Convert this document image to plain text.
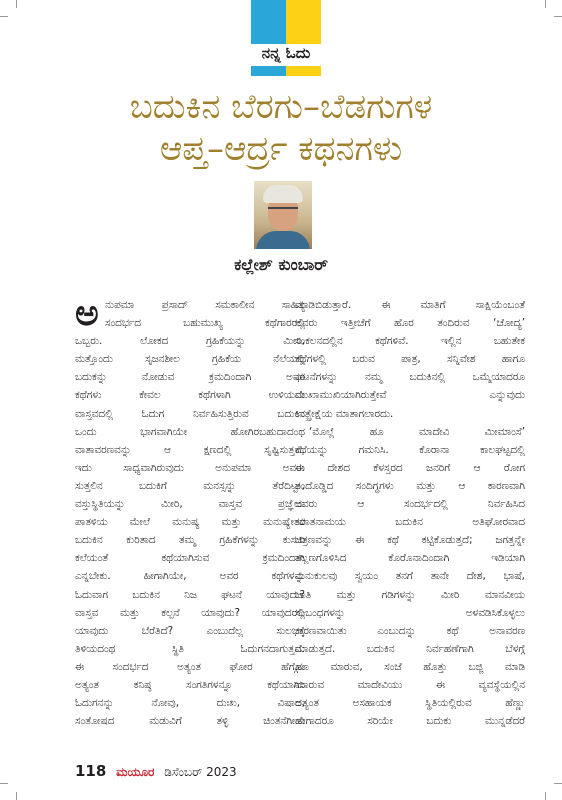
ನನ್ನ ಓದು
ಬದುಕಿನ ಬೆರಗು–ಬೆಡಗುಗಳ
ಆಪ್ತ–ಆರ್ದ್ರ ಕಥನಗಳು
ಕಲ್ಲೇಶ್ ಕುಂಬಾರ್
ಅ ನುಪಮಾ ಪ್ರಸಾದ್ ಸಮಕಾಲೀನ ಸಾಹಿತ್ಯ

ಸಂದರ್ಭದ ಬಹುಮುಖ್ಯ ಕಥೆಗಾರರಲ್ಲಿ

ಒಬ್ಬರು. ಲೋಕದ ಗ್ರಹಿಕೆಯನ್ನು ಮೀರಿ,

ಮತ್ತೊಂದು ಸೃಜನಶೀಲ ಗ್ರಹಿಕೆಯ ನೆಲೆಯಲ್ಲಿ

ಬದುಕನ್ನು ನೋಡುವ ಕ್ರಮದಿಂದಾಗಿ ಅವರ

ಕಥೆಗಳು ಕೇವಲ ಕಥೆಗಳಾಗಿ ಉಳಿಯದೇ

ವಾಸ್ತವದಲ್ಲಿ ಓದುಗ ನಿರ್ವಹಿಸುತ್ತಿರುವ ಬದುಕಿನ

ಒಂದು ಭಾಗವಾಗಿಯೇ ಹೋಗಿರಬಹುದಾದಂಥ

ವಾತಾವರಣವನ್ನು ಆ ಕ್ಷಣದಲ್ಲಿ ಸೃಷ್ಟಿಸುತ್ತವೆ.

ಇದು ಸಾಧ್ಯವಾಗಿರುವುದು ಅನುಪಮಾ ಅವರು

ಸುತ್ತಲಿನ ಬದುಕಿಗೆ ಮನಸ್ಸನ್ನು ತೆರೆದಿಟ್ಟು,

ವಸ್ತುಸ್ಥಿತಿಯನ್ನು ಮೀರಿ, ವಾಸ್ತವ ಪ್ರಜ್ಞೆಯ

ಪಾತಳಿಯ ಮೇಲೆ ಮನುಷ್ಯ ಮತ್ತು ಮನುಷ್ಯೇತರ

ಬದುಕಿನ ಕುರಿತಾದ ತಮ್ಮ ಗ್ರಹಿಕೆಗಳನ್ನು ಕುಸುರಿ

ಕಲೆಯಂತೆ ಕಥೆಯಾಗಿಸುವ ಕ್ರಮದಿಂದಾಗಿ

ಎನ್ನಬೇಕು. ಹೀಗಾಗಿಯೇ, ಅವರ ಕಥೆಗಳನ್ನು

ಓದುವಾಗ ಬದುಕಿನ ನಿಜ ಘಟನೆ ಯಾವುದು?

ವಾಸ್ತವ ಮತ್ತು ಕಲ್ಪನೆ ಯಾವುದು? ಯಾವುದರಲ್ಲಿ

ಯಾವುದು ಬೆರೆತಿದೆ? ಎಂಬುದೆಲ್ಲ ಸುಲಭಕ್ಕೆ

ತಿಳಿಯದಂಥ ಸ್ಥಿತಿ ಓದುಗನದಾಗುತ್ತದೆ.

ಈ ಸಂದರ್ಭದ ಅತ್ಯಂತ ಘೋರ ಹೆಗ್ಗೋ

ಅತ್ಯಂತ ಕನಿಷ್ಠ ಸಂಗತಿಗಳನ್ನೂ ಕಥೆಯಾಗಿಸಿ

ಓದುಗನನ್ನು ನೋವು, ದುಃಖ, ವಿಷಾದ,

ಸಂತೋಷದ ಮಡುವಿಗೆ ತಳ್ಳಿ ಚಿಂತನೆಗೀಡು

ಮಾಡಿಬಿಡುತ್ತಾರೆ. ಈ ಮಾತಿಗೆ ಸಾಕ್ಷಿಯೆಂಬಂತೆ

ಅವರು ಇತ್ತೀಚೆಗೆ ಹೊರ ತಂದಿರುವ ‘ಚೋದ್ಯ’

ಸಂಕಲನದಲ್ಲಿನ ಕಥೆಗಳಿವೆ. ಇಲ್ಲಿನ ಬಹುತೇಕ

ಕಥೆಗಳಲ್ಲಿ ಬರುವ ಪಾತ್ರ, ಸನ್ನಿವೇಶ ಹಾಗೂ

ಘಟನೆಗಳನ್ನು ನಮ್ಮ ಬದುಕಿನಲ್ಲಿ ಒಮ್ಮೆಯಾದರೂ

ಮುಖಾಮುಖಿಯಾಗಿರುತ್ತೇವೆ ಎನ್ನುವುದು

ಉತ್ಪ್ರೇಕ್ಷೆಯ ಮಾತಾಗಲಾರದು.

‘ಮೊಲ್ಲೆ ಹೂ ಮಾದೇವಿ ಮೀಮಾಂಸೆ’

ಕಥೆಯನ್ನು ಗಮನಿಸಿ. ಕೊರಾನಾ ಕಾಲಘಟ್ಟದಲ್ಲಿ

ಈ ದೇಶದ ಕೆಳಸ್ತರದ ಜನರಿಗೆ ಆ ರೋಗ

ತಂದೊಡ್ಡಿದ ಸಂದಿಗ್ಧಗಳು ಮತ್ತು ಆ ಕಾರಣವಾಗಿ

ಅವರು ಆ ಸಂದರ್ಭದಲ್ಲಿ ನಿರ್ವಹಿಸಿದ

ಯಾತನಾಮಯ ಬದುಕಿನ ಅತಿಘೋರವಾದ

ಚಿತ್ರಣವನ್ನು ಈ ಕಥೆ ಕಟ್ಟಿಕೊಡುತ್ತದೆ; ಜಗತ್ತನ್ನೇ

ತಲ್ಲಣಗೊಳಿಸಿದ ಕೊರೊನಾದಿಂದಾಗಿ ಇಡಿಯಾಗಿ

ಮನುಕುಲವು ಸ್ವಯಂ ತನಗೆ ತಾನೇ ದೇಶ, ಭಾಷೆ,

ಜಾತಿ ಮತ್ತು ಗಡಿಗಳನ್ನು ಮೀರಿ ಮಾನವೀಯ

ಸಂಬಂಧಗಳನ್ನು ಅಳವಡಿಸಿಕೊಳ್ಳಲು

ಕಾರಣವಾಯಿತು ಎಂಬುದನ್ನು ಕಥೆ ಅನಾವರಣ

ಮಾಡುತ್ತದೆ. ಬದುಕಿನ ನಿರ್ವಹಣೆಗಾಗಿ ಬೆಳಗ್ಗೆ

ಹೂ ಮಾರುವ, ಸಂಜೆ ಹೊತ್ತು ಬಜ್ಜಿ ಮಾಡಿ

ಮಾರುವ ಮಾದೇವಿಯು ಈ ವ್ಯವಸ್ಥೆಯಲ್ಲಿನ

ಅತ್ಯಂತ ಅಸಹಾಯಕ ಸ್ಥಿತಿಯಲ್ಲಿರುವ ಹೆಣ್ಣು

ಹೇಗಾದರೂ ಸರಿಯೇ ಬದುಕು ಮುನ್ನಡೆದರೆ

118 ಮಯೂರ ಡಿಸೆಂಬರ್ 2023
